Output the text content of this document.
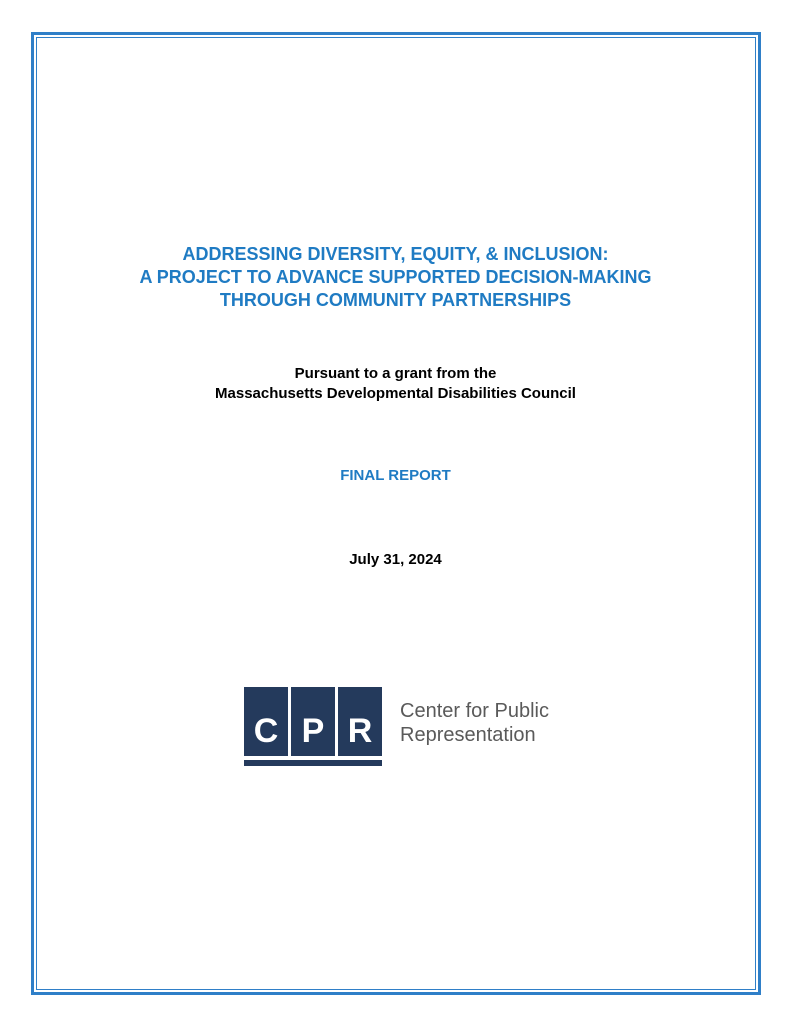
ADDRESSING DIVERSITY, EQUITY, & INCLUSION:
A PROJECT TO ADVANCE SUPPORTED DECISION-MAKING
THROUGH COMMUNITY PARTNERSHIPS
Pursuant to a grant from the
Massachusetts Developmental Disabilities Council
FINAL REPORT
July 31, 2024
C P R
Center for Public
Representation
